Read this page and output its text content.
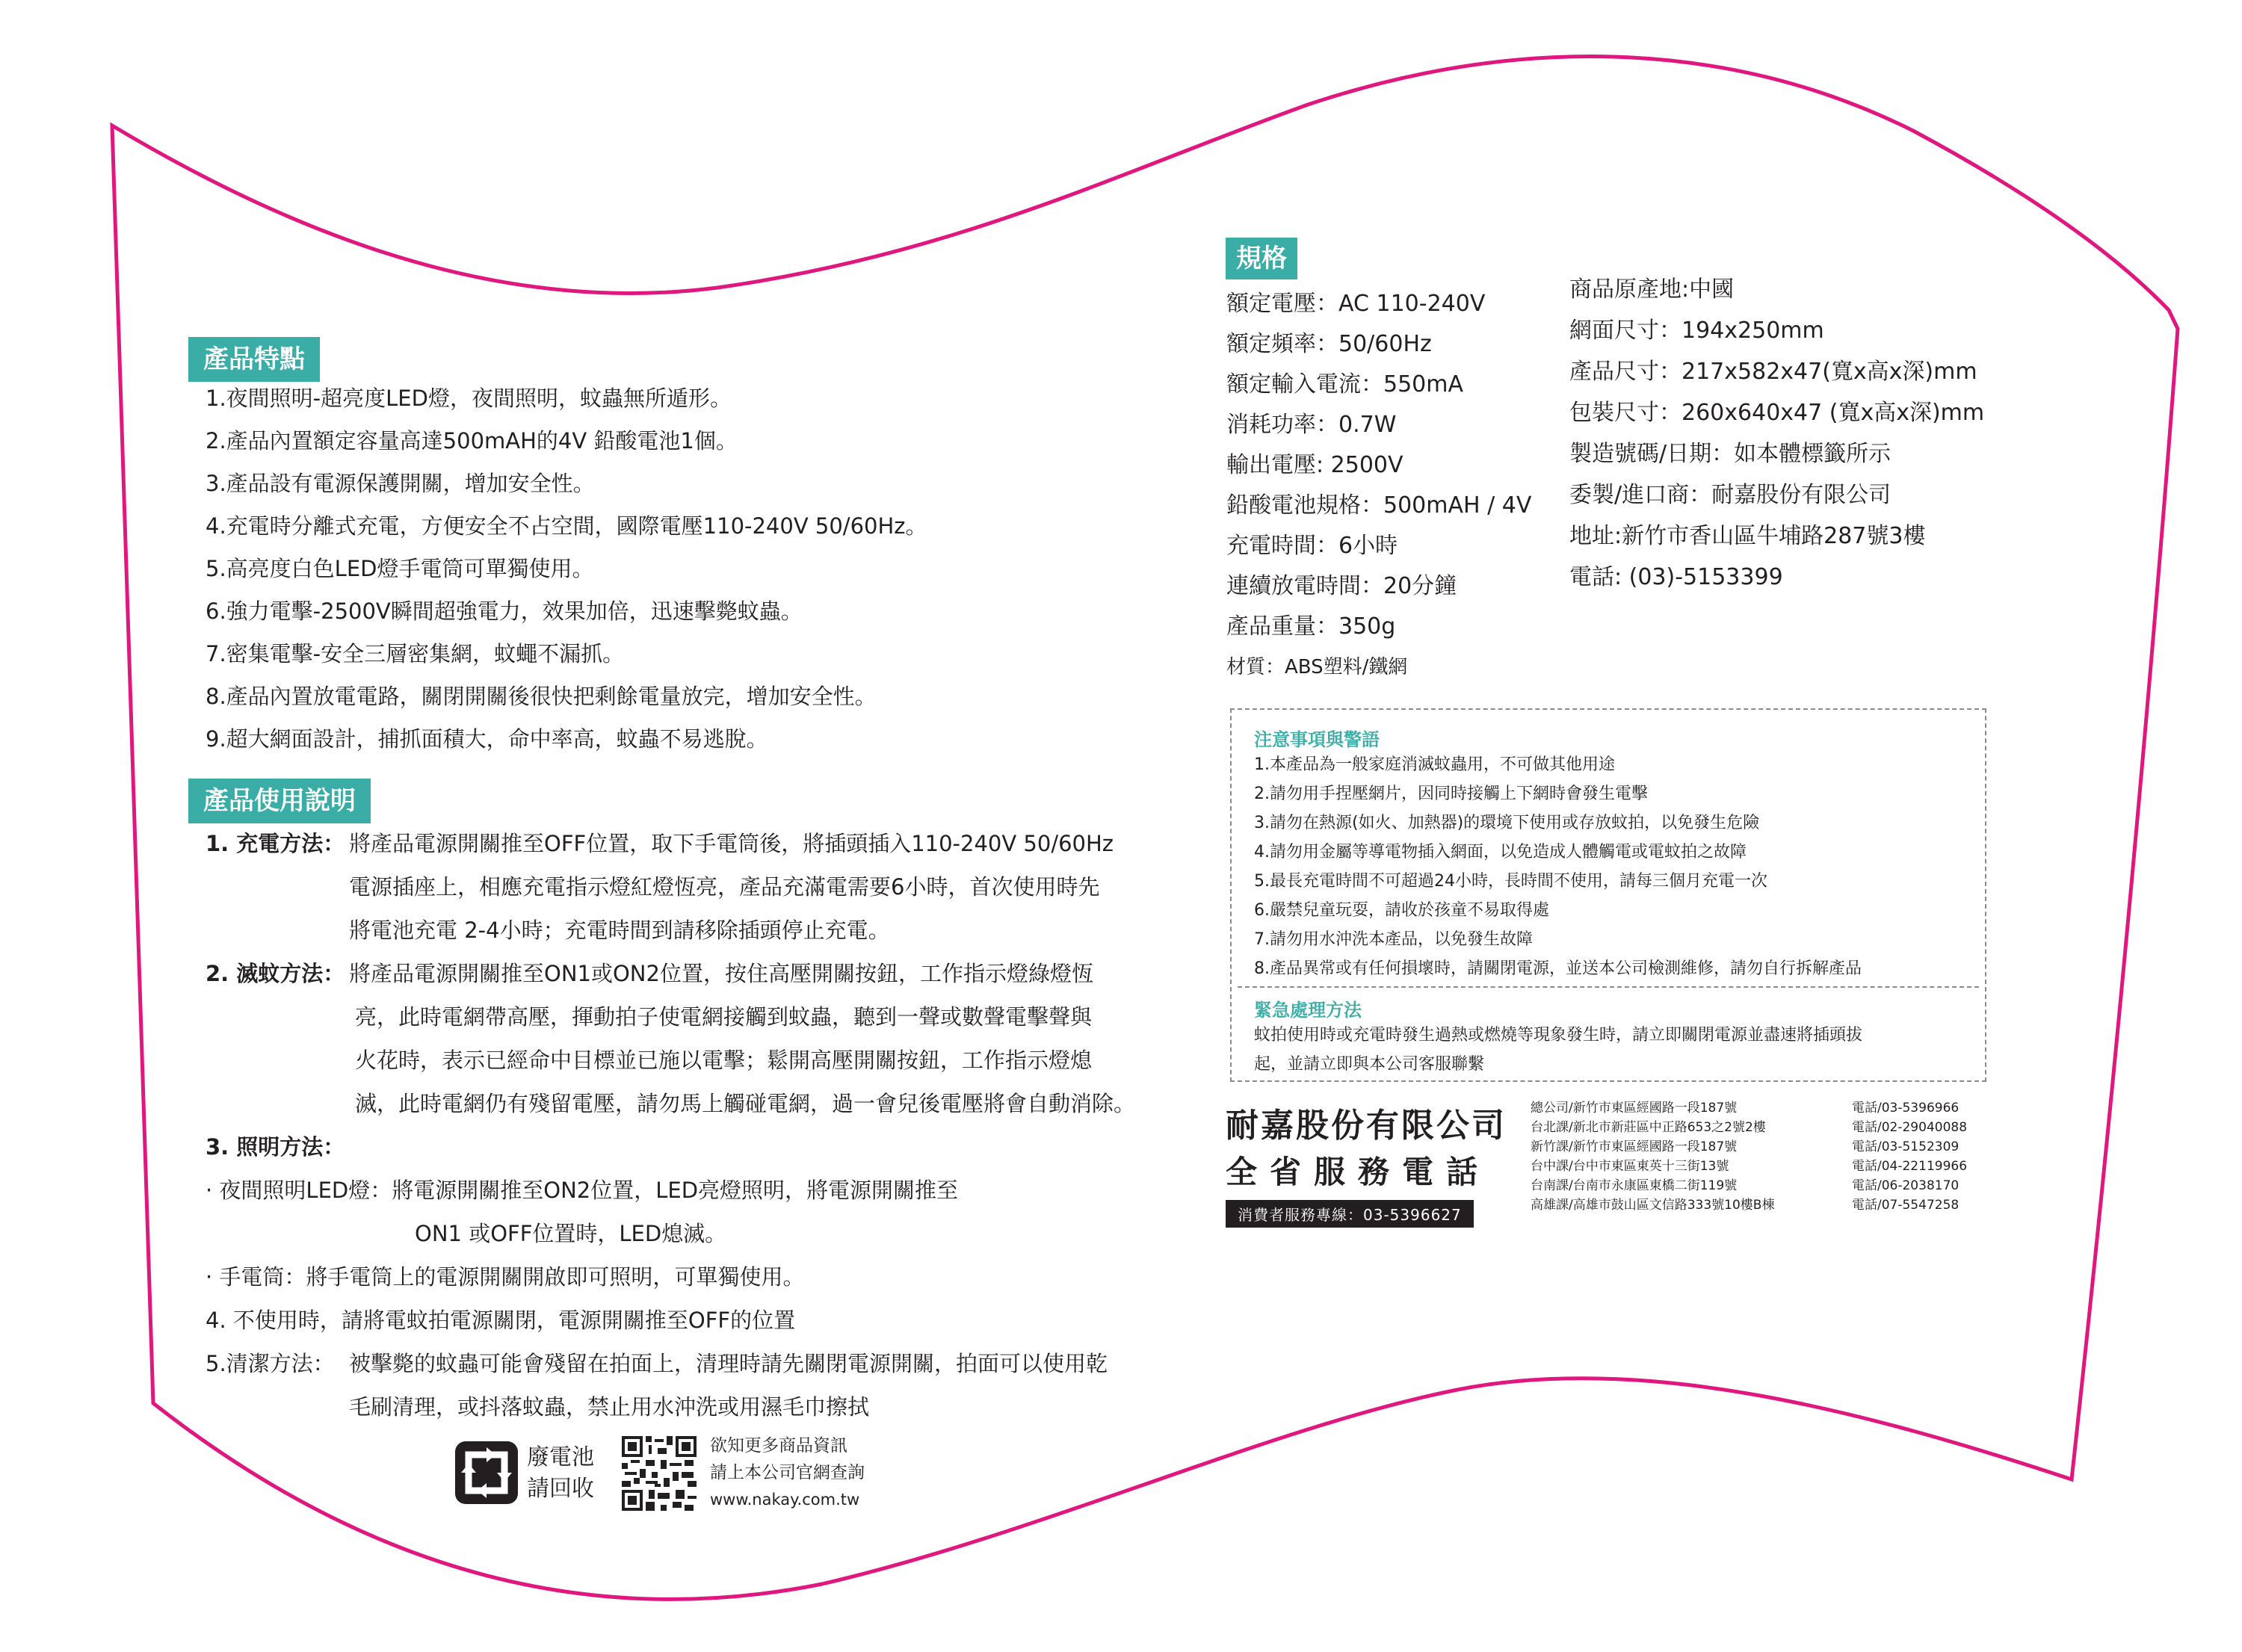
產品特點
1.夜間照明-超亮度LED燈，夜間照明，蚊蟲無所遁形。
2.產品內置額定容量高達500mAH的4V 鉛酸電池1個。
3.產品設有電源保護開關，增加安全性。
4.充電時分離式充電，方便安全不占空間，國際電壓110-240V 50/60Hz。
5.高亮度白色LED燈手電筒可單獨使用。
6.強力電擊-2500V瞬間超強電力，效果加倍，迅速擊斃蚊蟲。
7.密集電擊-安全三層密集網，蚊蠅不漏抓。
8.產品內置放電電路，關閉開關後很快把剩餘電量放完，增加安全性。
9.超大網面設計，捕抓面積大，命中率高，蚊蟲不易逃脫。
產品使用說明
1. 充電方法： 將產品電源開關推至OFF位置，取下手電筒後，將插頭插入110-240V 50/60Hz
電源插座上，相應充電指示燈紅燈恆亮，產品充滿電需要6小時，首次使用時先
將電池充電 2-4小時；充電時間到請移除插頭停止充電。
2. 滅蚊方法： 將產品電源開關推至ON1或ON2位置，按住高壓開關按鈕，工作指示燈綠燈恆
亮，此時電網帶高壓，揮動拍子使電網接觸到蚊蟲，聽到一聲或數聲電擊聲與
火花時，表示已經命中目標並已施以電擊；鬆開高壓開關按鈕，工作指示燈熄
滅，此時電網仍有殘留電壓，請勿馬上觸碰電網，過一會兒後電壓將會自動消除。
3. 照明方法：
· 夜間照明LED燈：將電源開關推至ON2位置，LED亮燈照明，將電源開關推至
ON1 或OFF位置時，LED熄滅。
· 手電筒：將手電筒上的電源開關開啟即可照明，可單獨使用。
4. 不使用時，請將電蚊拍電源關閉，電源開關推至OFF的位置
5.清潔方法： 被擊斃的蚊蟲可能會殘留在拍面上，清理時請先關閉電源開關，拍面可以使用乾
毛刷清理，或抖落蚊蟲，禁止用水沖洗或用濕毛巾擦拭
規格
額定電壓：AC 110-240V
額定頻率：50/60Hz
額定輸入電流：550mA
消耗功率：0.7W
輸出電壓: 2500V
鉛酸電池規格：500mAH / 4V
充電時間：6小時
連續放電時間：20分鐘
產品重量：350g
材質：ABS塑料/鐵網
商品原產地:中國
網面尺寸：194x250mm
產品尺寸：217x582x47(寬x高x深)mm
包裝尺寸：260x640x47 (寬x高x深)mm
製造號碼/日期：如本體標籤所示
委製/進口商：耐嘉股份有限公司
地址:新竹市香山區牛埔路287號3樓
電話: (03)-5153399
注意事項與警語
1.本產品為一般家庭消滅蚊蟲用，不可做其他用途
2.請勿用手捏壓網片，因同時接觸上下網時會發生電擊
3.請勿在熱源(如火、加熱器)的環境下使用或存放蚊拍，以免發生危險
4.請勿用金屬等導電物插入網面，以免造成人體觸電或電蚊拍之故障
5.最長充電時間不可超過24小時，長時間不使用，請每三個月充電一次
6.嚴禁兒童玩耍，請收於孩童不易取得處
7.請勿用水沖洗本產品，以免發生故障
8.產品異常或有任何損壞時，請關閉電源，並送本公司檢測維修，請勿自行拆解產品
緊急處理方法
蚊拍使用時或充電時發生過熱或燃燒等現象發生時，請立即關閉電源並盡速將插頭拔
起，並請立即與本公司客服聯繫
耐嘉股份有限公司
全省服務電話
消費者服務專線：03-5396627
總公司/新竹市東區經國路一段187號	電話/03-5396966
台北課/新北市新莊區中正路653之2號2樓	電話/02-29040088
新竹課/新竹市東區經國路一段187號	電話/03-5152309
台中課/台中市東區東英十三街13號	電話/04-22119966
台南課/台南市永康區東橋二街119號	電話/06-2038170
高雄課/高雄市鼓山區文信路333號10樓B棟	電話/07-5547258
廢電池
請回收
欲知更多商品資訊
請上本公司官網查詢
www.nakay.com.tw
